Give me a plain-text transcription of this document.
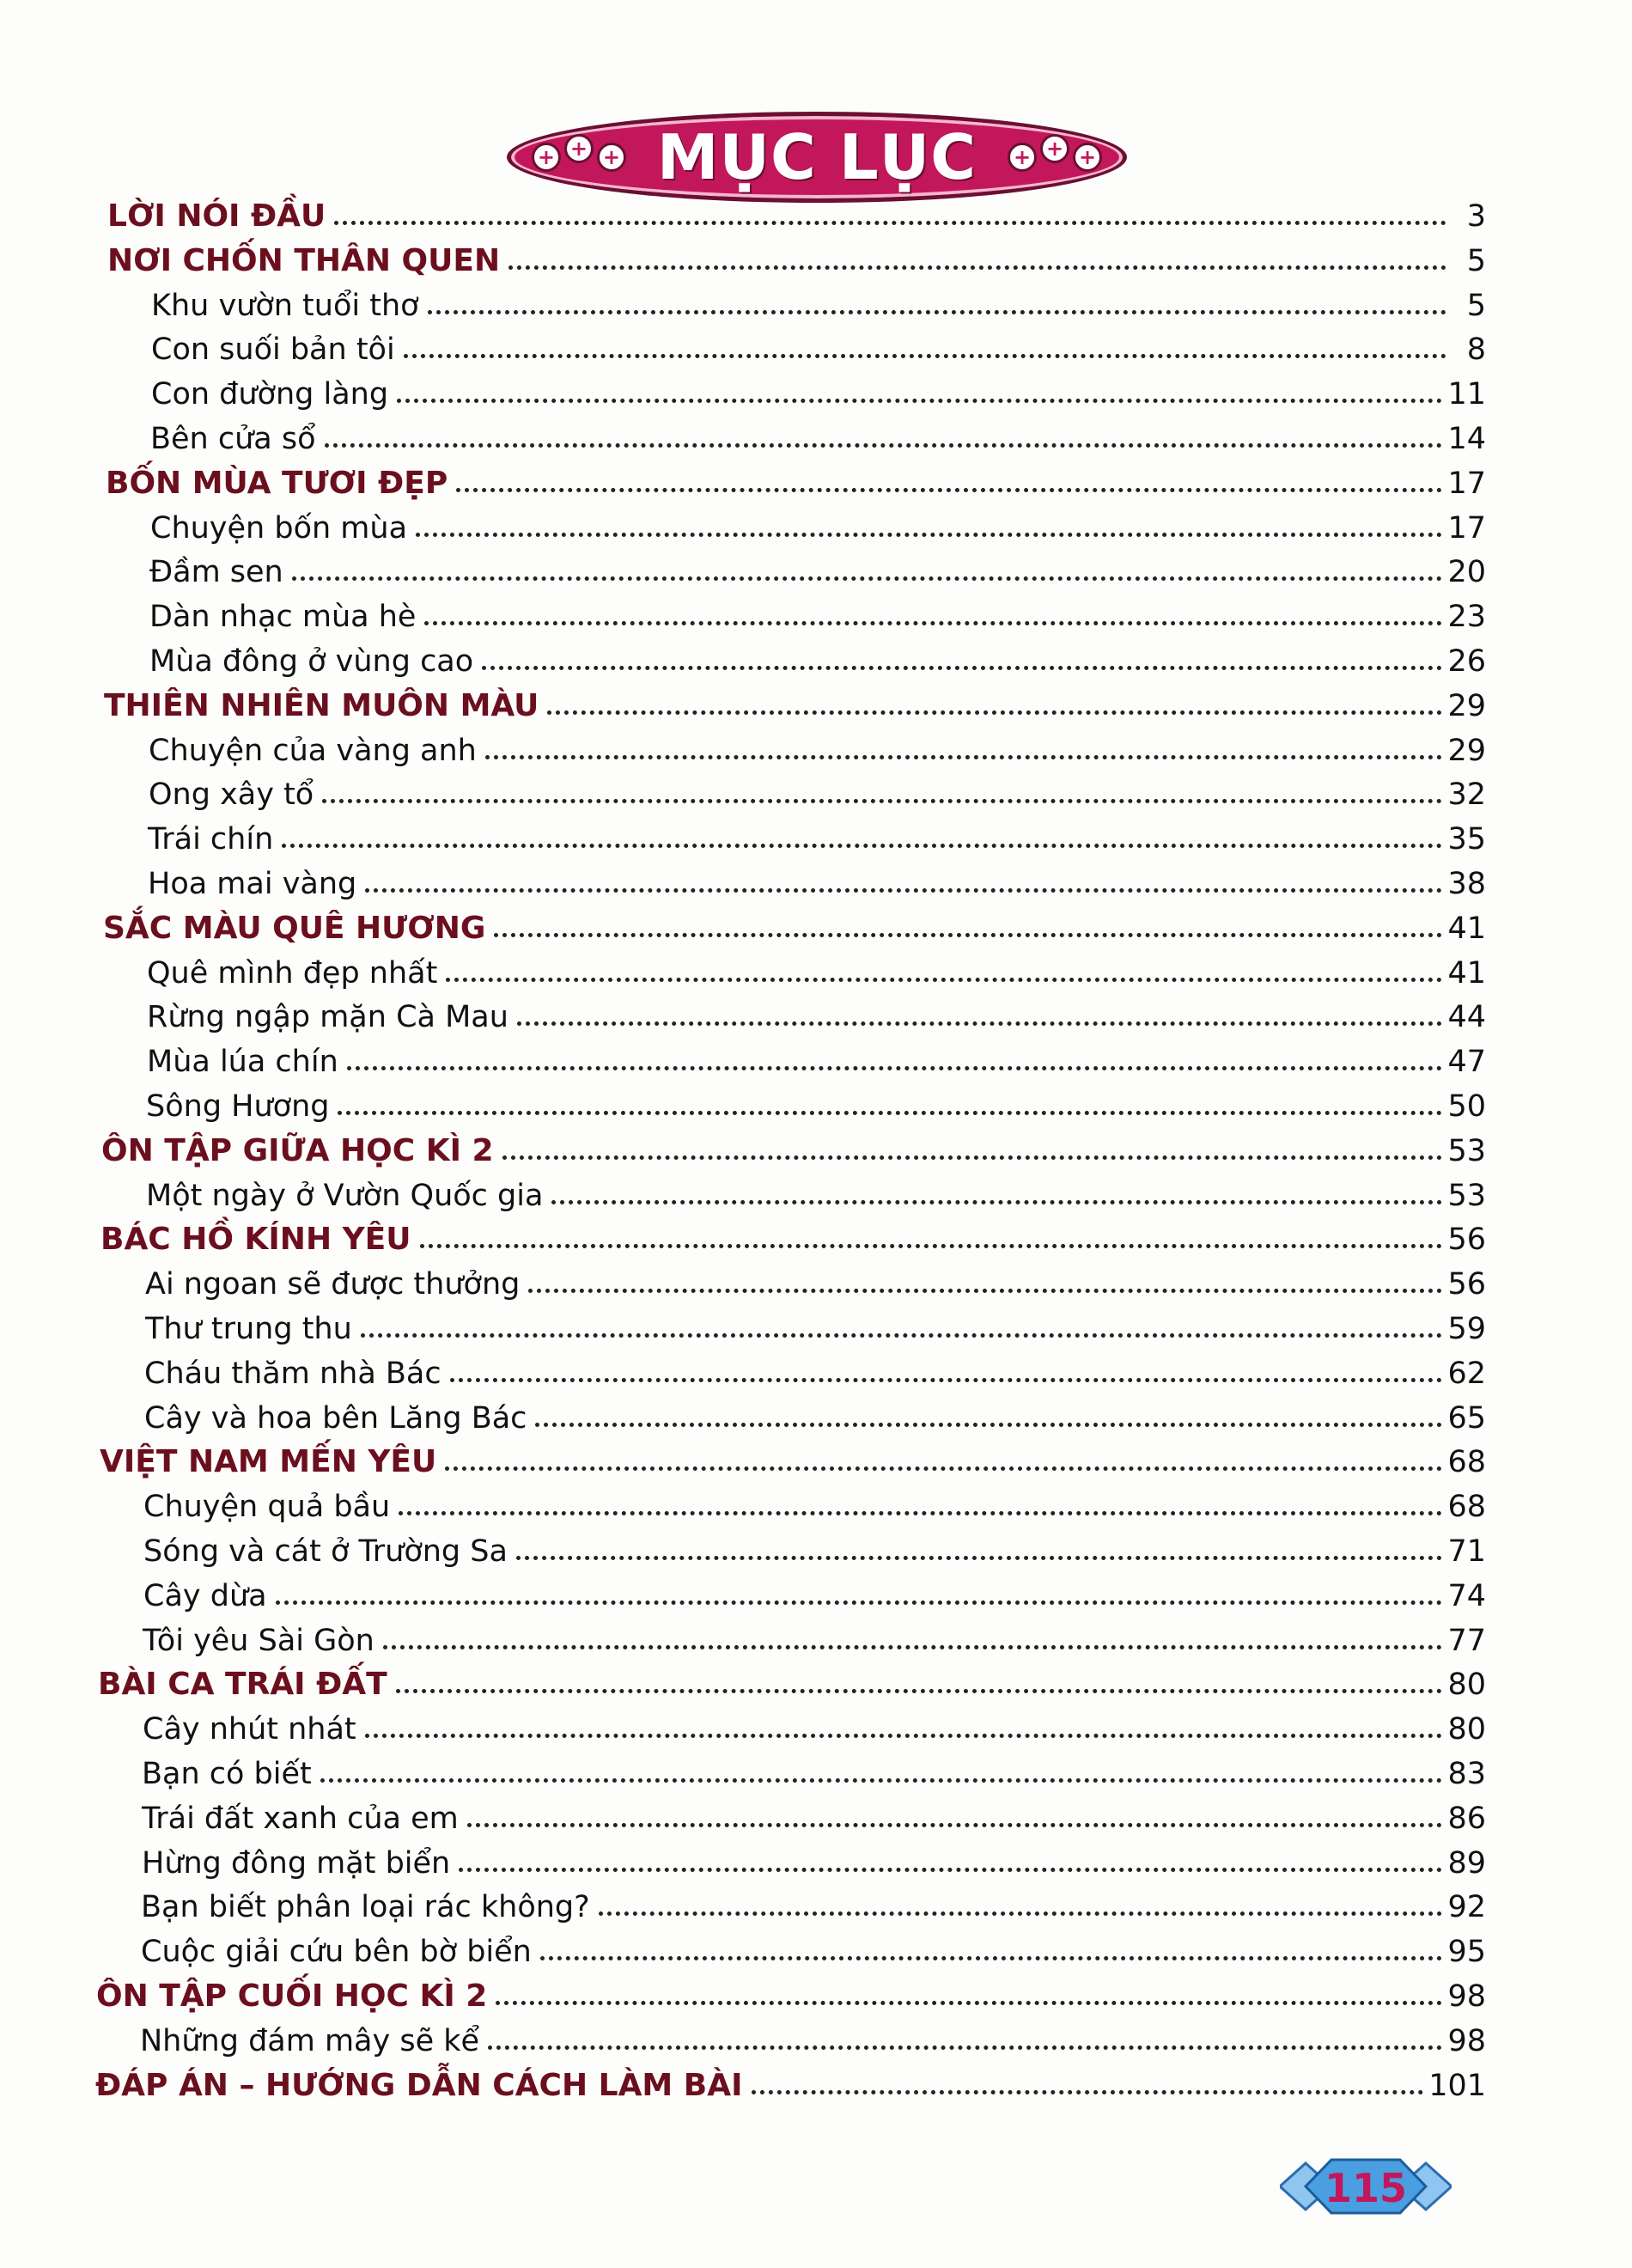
+ + + MỤC LỤC + + +
LỜI NÓI ĐẦU	3
NƠI CHỐN THÂN QUEN	5
Khu vườn tuổi thơ	5
Con suối bản tôi	8
Con đường làng	11
Bên cửa sổ	14
BỐN MÙA TƯƠI ĐẸP	17
Chuyện bốn mùa	17
Đầm sen	20
Dàn nhạc mùa hè	23
Mùa đông ở vùng cao	26
THIÊN NHIÊN MUÔN MÀU	29
Chuyện của vàng anh	29
Ong xây tổ	32
Trái chín	35
Hoa mai vàng	38
SẮC MÀU QUÊ HƯƠNG	41
Quê mình đẹp nhất	41
Rừng ngập mặn Cà Mau	44
Mùa lúa chín	47
Sông Hương	50
ÔN TẬP GIỮA HỌC KÌ 2	53
Một ngày ở Vườn Quốc gia	53
BÁC HỒ KÍNH YÊU	56
Ai ngoan sẽ được thưởng	56
Thư trung thu	59
Cháu thăm nhà Bác	62
Cây và hoa bên Lăng Bác	65
VIỆT NAM MẾN YÊU	68
Chuyện quả bầu	68
Sóng và cát ở Trường Sa	71
Cây dừa	74
Tôi yêu Sài Gòn	77
BÀI CA TRÁI ĐẤT	80
Cây nhút nhát	80
Bạn có biết	83
Trái đất xanh của em	86
Hừng đông mặt biển	89
Bạn biết phân loại rác không?	92
Cuộc giải cứu bên bờ biển	95
ÔN TẬP CUỐI HỌC KÌ 2	98
Những đám mây sẽ kể	98
ĐÁP ÁN – HƯỚNG DẪN CÁCH LÀM BÀI	101
115
